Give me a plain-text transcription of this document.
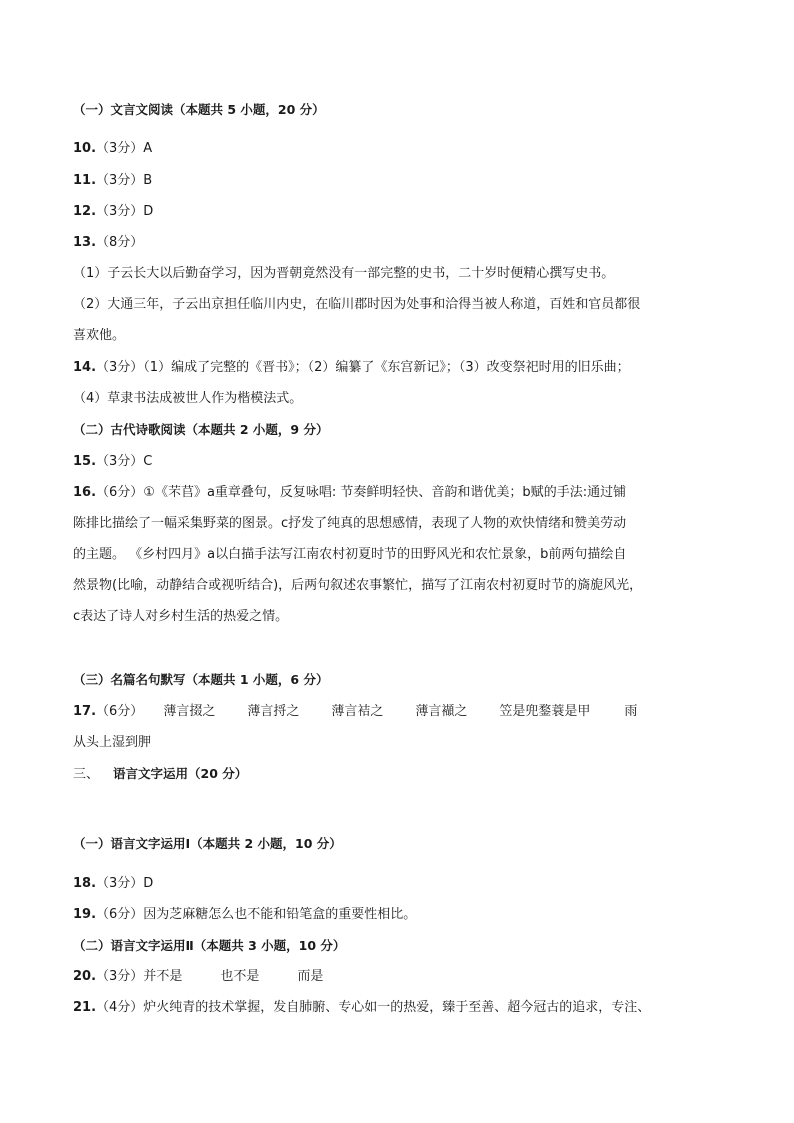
（一）文言文阅读（本题共 5 小题，20 分）
10.（3分）A
11.（3分）B
12.（3分）D
13.（8分）
（1）子云长大以后勤奋学习，因为晋朝竟然没有一部完整的史书，二十岁时便精心撰写史书。
（2）大通三年，子云出京担任临川内史，在临川郡时因为处事和洽得当被人称道，百姓和官员都很
喜欢他。
14.（3分）（1）编成了完整的《晋书》；（2）编纂了《东宫新记》；（3）改变祭祀时用的旧乐曲；
（4）草隶书法成被世人作为楷模法式。
（二）古代诗歌阅读（本题共 2 小题，9 分）
15.（3分）C
16.（6分）①《芣苢》a重章叠句，反复咏唱: 节奏鲜明轻快、音韵和谐优美；b赋的手法:通过铺
陈排比描绘了一幅采集野菜的图景。c抒发了纯真的思想感情，表现了人物的欢快情绪和赞美劳动
的主题。 《乡村四月》a以白描手法写江南农村初夏时节的田野风光和农忙景象，b前两句描绘自
然景物(比喻，动静结合或视听结合)，后两句叙述农事繁忙，描写了江南农村初夏时节的旖旎风光，
c表达了诗人对乡村生活的热爱之情。
（三）名篇名句默写（本题共 1 小题，6 分）
17.（6分） 薄言掇之 薄言捋之 薄言袺之 薄言襭之 笠是兜鍪蓑是甲	雨
从头上湿到胛
三、 语言文字运用（20 分）
（一）语言文字运用Ⅰ（本题共 2 小题，10 分）
18.（3分）D
19.（6分）因为芝麻糖怎么也不能和铅笔盒的重要性相比。
（二）语言文字运用Ⅱ（本题共 3 小题，10 分）
20.（3分）并不是	也不是	而是
21.（4分）炉火纯青的技术掌握，发自肺腑、专心如一的热爱，臻于至善、超今冠古的追求，专注、
